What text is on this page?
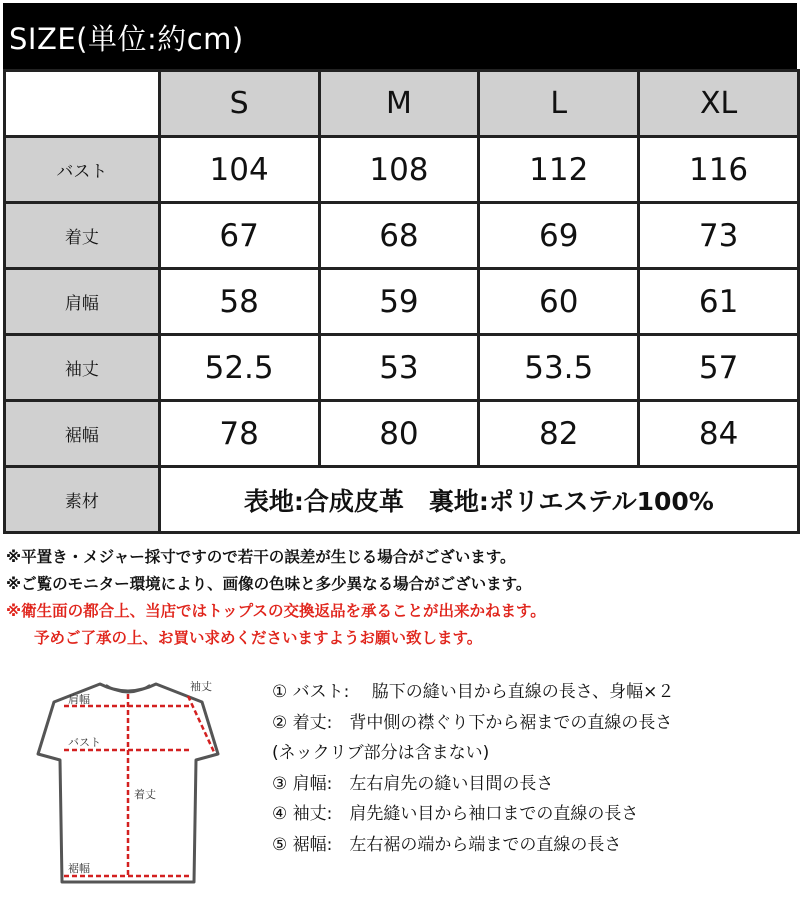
SIZE(単位:約cm)
	S	M	L	XL
バスト	104	108	112	116
着丈	67	68	69	73
肩幅	58	59	60	61
袖丈	52.5	53	53.5	57
裾幅	78	80	82	84
素材	表地:合成皮革　裏地:ポリエステル100%			
※平置き・メジャー採寸ですので若干の誤差が生じる場合がございます。
※ご覧のモニター環境により、画像の色味と多少異なる場合がございます。
※衛生面の都合上、当店ではトップスの交換返品を承ることが出来かねます。
予めご了承の上、お買い求めくださいますようお願い致します。
袖丈
肩幅
バスト
着丈
裾幅
① バスト:　 脇下の縫い目から直線の長さ、身幅×２
② 着丈:　背中側の襟ぐり下から裾までの直線の長さ
(ネックリブ部分は含まない)
③ 肩幅:　左右肩先の縫い目間の長さ
④ 袖丈:　肩先縫い目から袖口までの直線の長さ
⑤ 裾幅:　左右裾の端から端までの直線の長さ
